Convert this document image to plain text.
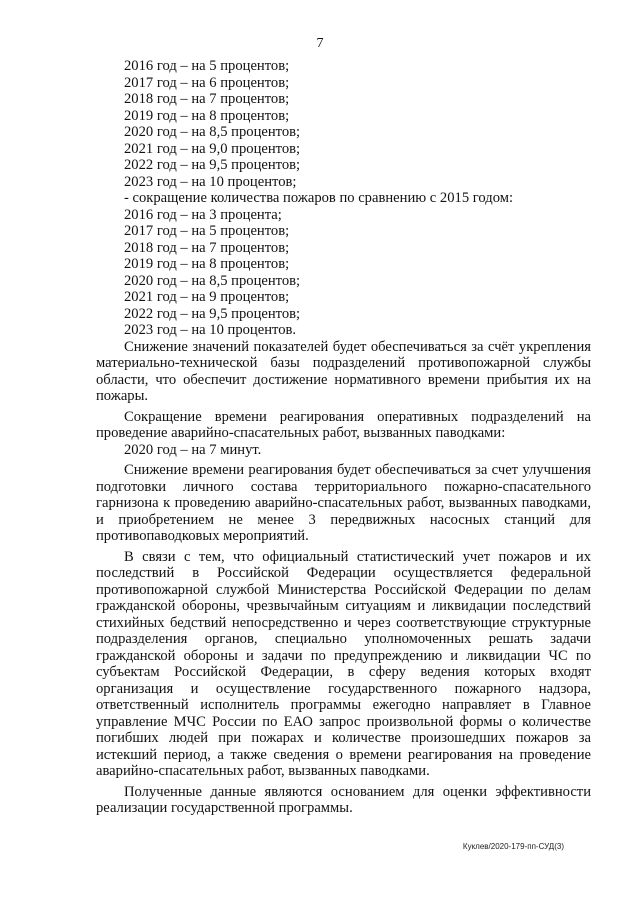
7

2016 год – на 5 процентов;

2017 год – на 6 процентов;

2018 год – на 7 процентов;

2019 год – на 8 процентов;

2020 год – на 8,5 процентов;

2021 год – на 9,0 процентов;

2022 год – на 9,5 процентов;

2023 год – на 10 процентов;

- сокращение количества пожаров по сравнению с 2015 годом:

2016 год – на 3 процента;

2017 год – на 5 процентов;

2018 год – на 7 процентов;

2019 год – на 8 процентов;

2020 год – на 8,5 процентов;

2021 год – на 9 процентов;

2022 год – на 9,5 процентов;

2023 год – на 10 процентов.

Снижение значений показателей будет обеспечиваться за счёт укрепления материально-технической базы подразделений противопожарной службы области, что обеспечит достижение нормативного времени прибытия их на пожары.

Сокращение времени реагирования оперативных подразделений на проведение аварийно-спасательных работ, вызванных паводками:

2020 год – на 7 минут.

Снижение времени реагирования будет обеспечиваться за счет улучшения подготовки личного состава территориального пожарно-спасательного гарнизона к проведению аварийно-спасательных работ, вызванных паводками, и приобретением не менее 3 передвижных насосных станций для противопаводковых мероприятий.

В связи с тем, что официальный статистический учет пожаров и их последствий в Российской Федерации осуществляется федеральной противопожарной службой Министерства Российской Федерации по делам гражданской обороны, чрезвычайным ситуациям и ликвидации последствий стихийных бедствий непосредственно и через соответствующие структурные подразделения органов, специально уполномоченных решать задачи гражданской обороны и задачи по предупреждению и ликвидации ЧС по субъектам Российской Федерации, в сферу ведения которых входят организация и осуществление государственного пожарного надзора, ответственный исполнитель программы ежегодно направляет в Главное управление МЧС России по ЕАО запрос произвольной формы о количестве погибших людей при пожарах и количестве произошедших пожаров за истекший период, а также сведения о времени реагирования на проведение аварийно-спасательных работ, вызванных паводками.

Полученные данные являются основанием для оценки эффективности реализации государственной программы.

Куклев/2020-179-пп-СУД(3)
